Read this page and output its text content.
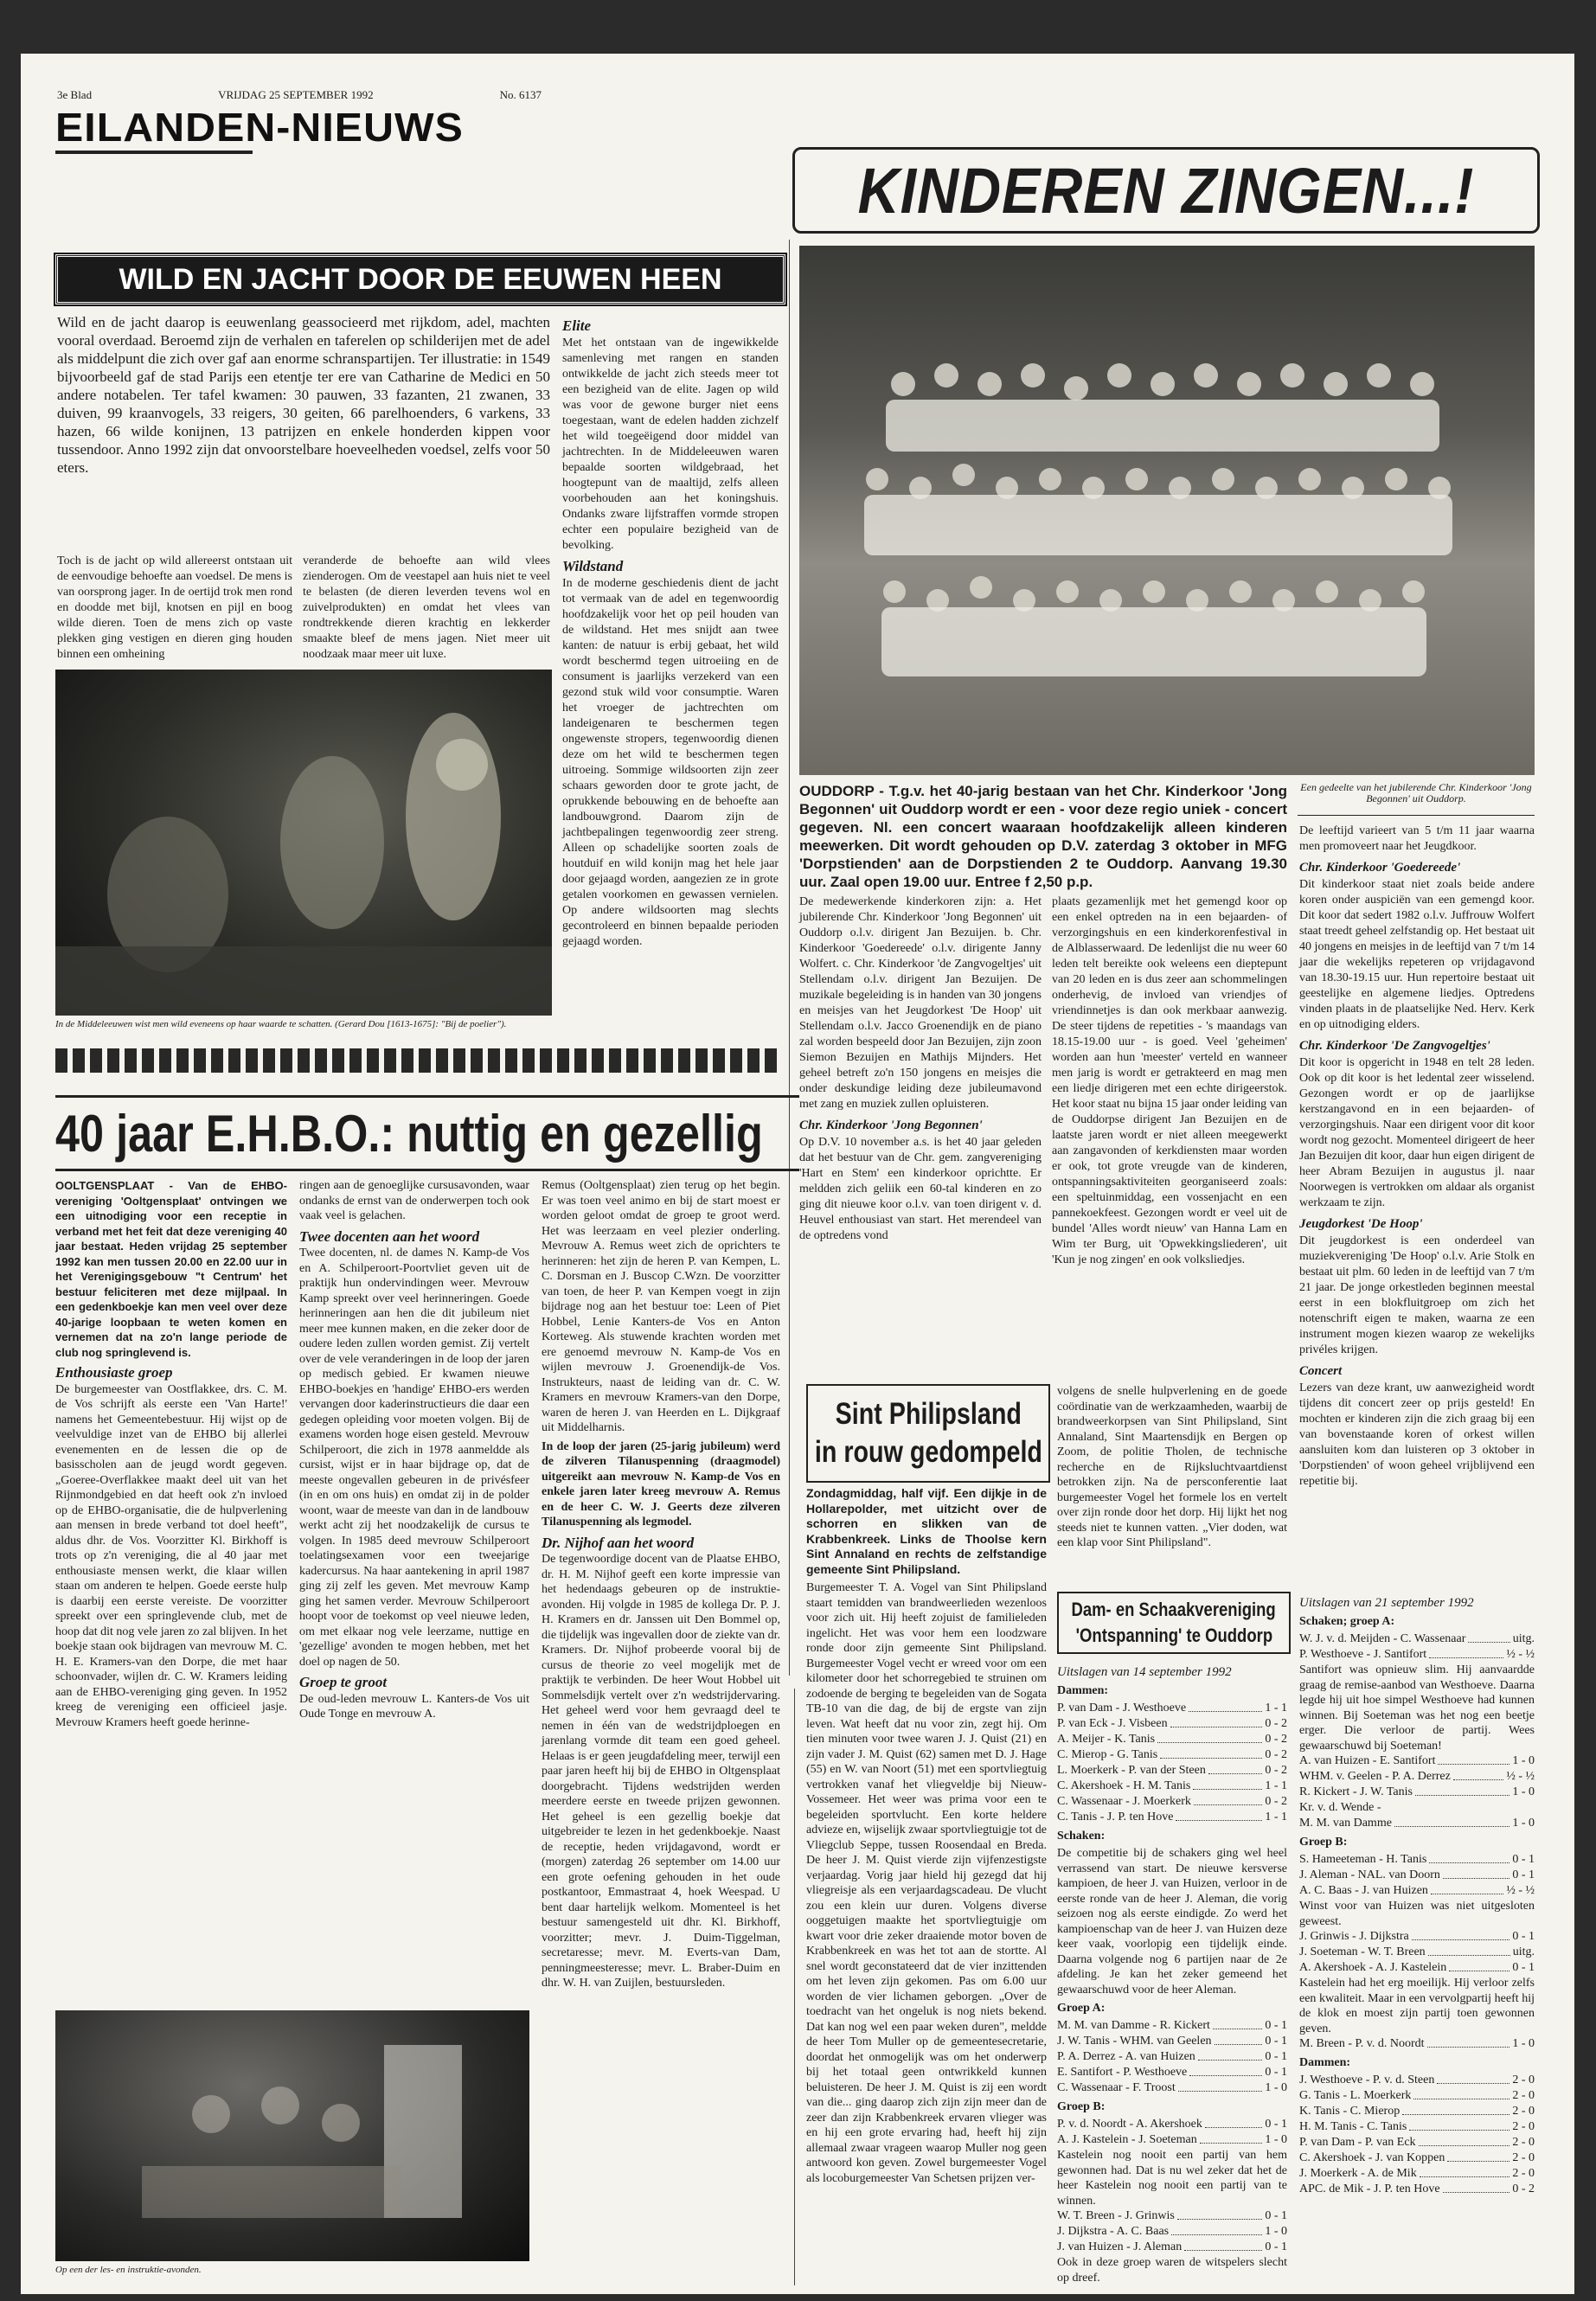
3e Blad	VRIJDAG 25 SEPTEMBER 1992	No. 6137
EILANDEN-NIEUWS
KINDEREN ZINGEN...!
WILD EN JACHT DOOR DE EEUWEN HEEN
Wild en de jacht daarop is eeuwenlang geassocieerd met rijkdom, adel, machten vooral overdaad. Beroemd zijn de verhalen en taferelen op schilderijen met de adel als middelpunt die zich over gaf aan enorme schranspartijen. Ter illustratie: in 1549 bijvoorbeeld gaf de stad Parijs een etentje ter ere van Catharine de Medici en 50 andere notabelen. Ter tafel kwamen: 30 pauwen, 33 fazanten, 21 zwanen, 33 duiven, 99 kraanvogels, 33 reigers, 30 geiten, 66 parelhoenders, 6 varkens, 33 hazen, 66 wilde konijnen, 13 patrijzen en enkele honderden kippen voor tussendoor. Anno 1992 zijn dat onvoorstelbare hoeveelheden voedsel, zelfs voor 50 eters.
Toch is de jacht op wild allereerst ontstaan uit de eenvoudige behoefte aan voedsel. De mens is van oorsprong jager. In de oertijd trok men rond en doodde met bijl, knotsen en pijl en boog wilde dieren. Toen de mens zich op vaste plekken ging vestigen en dieren ging houden binnen een omheining
veranderde de behoefte aan wild vlees zienderogen. Om de veestapel aan huis niet te veel te belasten (de dieren leverden tevens wol en zuivelprodukten) en omdat het vlees van rondtrekkende dieren krachtig en lekkerder smaakte bleef de mens jagen. Niet meer uit noodzaak maar meer uit luxe.
In de Middeleeuwen wist men wild eveneens op haar waarde te schatten. (Gerard Dou [1613-1675]: "Bij de poelier").
Elite

Met het ontstaan van de ingewikkelde samenleving met rangen en standen ontwikkelde de jacht zich steeds meer tot een bezigheid van de elite. Jagen op wild was voor de gewone burger niet eens toegestaan, want de edelen hadden zichzelf het wild toegeëigend door middel van jachtrechten. In de Middeleeuwen waren bepaalde soorten wildgebraad, het hoogtepunt van de maaltijd, zelfs alleen voorbehouden aan het koningshuis. Ondanks zware lijfstraffen vormde stropen echter een populaire bezigheid van de bevolking.

Wildstand

In de moderne geschiedenis dient de jacht tot vermaak van de adel en tegenwoordig hoofdzakelijk voor het op peil houden van de wildstand. Het mes snijdt aan twee kanten: de natuur is erbij gebaat, het wild wordt beschermd tegen uitroeiing en de consument is jaarlijks verzekerd van een gezond stuk wild voor consumptie. Waren het vroeger de jachtrechten om landeigenaren te beschermen tegen ongewenste stropers, tegenwoordig dienen deze om het wild te beschermen tegen uitroeing. Sommige wildsoorten zijn zeer schaars geworden door te grote jacht, de oprukkende bebouwing en de behoefte aan landbouwgrond. Daarom zijn de jachtbepalingen tegenwoordig zeer streng. Alleen op schadelijke soorten zoals de houtduif en wild konijn mag het hele jaar door gejaagd worden, aangezien ze in grote getalen voorkomen en gewassen vernielen. Op andere wildsoorten mag slechts gecontroleerd en binnen bepaalde perioden gejaagd worden.

OUDDORP - T.g.v. het 40-jarig bestaan van het Chr. Kinderkoor 'Jong Begonnen' uit Ouddorp wordt er een - voor deze regio uniek - concert gegeven. Nl. een concert waaraan hoofdzakelijk alleen kinderen meewerken. Dit wordt gehouden op D.V. zaterdag 3 oktober in MFG 'Dorpstienden' aan de Dorpstienden 2 te Ouddorp. Aanvang 19.30 uur. Zaal open 19.00 uur. Entree f 2,50 p.p.
Een gedeelte van het jubilerende Chr. Kinderkoor 'Jong Begonnen' uit Ouddorp.

De medewerkende kinderkoren zijn: a. Het jubilerende Chr. Kinderkoor 'Jong Begonnen' uit Ouddorp o.l.v. dirigent Jan Bezuijen. b. Chr. Kinderkoor 'Goedereede' o.l.v. dirigente Janny Wolfert. c. Chr. Kinderkoor 'de Zangvogeltjes' uit Stellendam o.l.v. dirigent Jan Bezuijen. De muzikale begeleiding is in handen van 30 jongens en meisjes van het Jeugdorkest 'De Hoop' uit Stellendam o.l.v. Jacco Groenendijk en de piano zal worden bespeeld door Jan Bezuijen, zijn zoon Siemon Bezuijen en Mathijs Mijnders. Het geheel betreft zo'n 150 jongens en meisjes die onder deskundige leiding deze jubileumavond met zang en muziek zullen opluisteren.

Chr. Kinderkoor 'Jong Begonnen'

Op D.V. 10 november a.s. is het 40 jaar geleden dat het bestuur van de Chr. gem. zangvereniging 'Hart en Stem' een kinderkoor oprichtte. Er meldden zich geliik een 60-tal kinderen en zo ging dit nieuwe koor o.l.v. van toen dirigent v. d. Heuvel enthousiast van start. Het merendeel van de optredens vond

plaats gezamenlijk met het gemengd koor op een enkel optreden na in een bejaarden- of verzorgingshuis en een kinderkorenfestival in de Alblasserwaard. De ledenlijst die nu weer 60 leden telt bereikte ook weleens een dieptepunt van 20 leden en is dus zeer aan schommelingen onderhevig, de invloed van vriendjes of vriendinnetjes is dan ook merkbaar aanwezig. De steer tijdens de repetities - 's maandags van 18.15-19.00 uur - is goed. Veel 'geheimen' worden aan hun 'meester' verteld en wanneer men jarig is wordt er getrakteerd en mag men een liedje dirigeren met een echte dirigeerstok. Het koor staat nu bijna 15 jaar onder leiding van de Ouddorpse dirigent Jan Bezuijen en de laatste jaren wordt er niet alleen meegewerkt aan zangavonden of kerkdiensten maar worden er ook, tot grote vreugde van de kinderen, ontspanningsaktiviteiten georganiseerd zoals: een speltuinmiddag, een vossenjacht en een pannekoekfeest. Gezongen wordt er veel uit de bundel 'Alles wordt nieuw' van Hanna Lam en Wim ter Burg, uit 'Opwekkingsliederen', uit 'Kun je nog zingen' en ook volksliedjes.

De leeftijd varieert van 5 t/m 11 jaar waarna men promoveert naar het Jeugdkoor.

Chr. Kinderkoor 'Goedereede'

Dit kinderkoor staat niet zoals beide andere koren onder auspiciën van een gemengd koor. Dit koor dat sedert 1982 o.l.v. Juffrouw Wolfert staat treedt geheel zelfstandig op. Het bestaat uit 40 jongens en meisjes in de leeftijd van 7 t/m 14 jaar die wekelijks repeteren op vrijdagavond van 18.30-19.15 uur. Hun repertoire bestaat uit geestelijke en algemene liedjes. Optredens vinden plaats in de plaatselijke Ned. Herv. Kerk en op uitnodiging elders.

Chr. Kinderkoor 'De Zangvogeltjes'

Dit koor is opgericht in 1948 en telt 28 leden. Ook op dit koor is het ledental zeer wisselend. Gezongen wordt er op de jaarlijkse kerstzangavond en in een bejaarden- of verzorgingshuis. Naar een dirigent voor dit koor wordt nog gezocht. Momenteel dirigeert de heer Jan Bezuijen dit koor, daar hun eigen dirigent de heer Abram Bezuijen in augustus jl. naar Noorwegen is vertrokken om aldaar als organist werkzaam te zijn.

Jeugdorkest 'De Hoop'

Dit jeugdorkest is een onderdeel van muziekvereniging 'De Hoop' o.l.v. Arie Stolk en bestaat uit plm. 60 leden in de leeftijd van 7 t/m 21 jaar. De jonge orkestleden beginnen meestal eerst in een blokfluitgroep om zich het notenschrift eigen te maken, waarna ze een instrument mogen kiezen waarop ze wekelijks privéles krijgen.

Concert

Lezers van deze krant, uw aanwezigheid wordt tijdens dit concert zeer op prijs gesteld! En mochten er kinderen zijn die zich graag bij een van bovenstaande koren of orkest willen aansluiten kom dan luisteren op 3 oktober in 'Dorpstienden' of woon geheel vrijblijvend een repetitie bij.

40 jaar E.H.B.O.: nuttig en gezellig

OOLTGENSPLAAT - Van de EHBO-vereniging 'Ooltgensplaat' ontvingen we een uitnodiging voor een receptie in verband met het feit dat deze vereniging 40 jaar bestaat. Heden vrijdag 25 september 1992 kan men tussen 20.00 en 22.00 uur in het Verenigingsgebouw "t Centrum' het bestuur feliciteren met deze mijlpaal. In een gedenkboekje kan men veel over deze 40-jarige loopbaan te weten komen en vernemen dat na zo'n lange periode de club nog springlevend is.

Enthousiaste groep

De burgemeester van Oostflakkee, drs. C. M. de Vos schrijft als eerste een 'Van Harte!' namens het Gemeentebestuur. Hij wijst op de veelvuldige inzet van de EHBO bij allerlei evenementen en de lessen die op de basisscholen aan de jeugd wordt gegeven. „Goeree-Overflakkee maakt deel uit van het Rijnmondgebied en dat heeft ook z'n invloed op de EHBO-organisatie, die de hulpverlening aan mensen in brede verband tot doel heeft", aldus dhr. de Vos. Voorzitter Kl. Birkhoff is trots op z'n vereniging, die al 40 jaar met enthousiaste mensen werkt, die klaar willen staan om anderen te helpen. Goede eerste hulp is daarbij een eerste vereiste. De voorzitter spreekt over een springlevende club, met de hoop dat dit nog vele jaren zo zal blijven. In het boekje staan ook bijdragen van mevrouw M. C. H. E. Kramers-van den Dorpe, die met haar schoonvader, wijlen dr. C. W. Kramers leiding aan de EHBO-vereniging ging geven. In 1952 kreeg de vereniging een officieel jasje. Mevrouw Kramers heeft goede herinne-

ringen aan de genoeglijke cursusavonden, waar ondanks de ernst van de onderwerpen toch ook vaak veel is gelachen.

Twee docenten aan het woord

Twee docenten, nl. de dames N. Kamp-de Vos en A. Schilperoort-Poortvliet geven uit de praktijk hun ondervindingen weer. Mevrouw Kamp spreekt over veel herinneringen. Goede herinneringen aan hen die dit jubileum niet meer mee kunnen maken, en die zeker door de oudere leden zullen worden gemist. Zij vertelt over de vele veranderingen in de loop der jaren op medisch gebied. Er kwamen nieuwe EHBO-boekjes en 'handige' EHBO-ers werden vervangen door kaderinstructieurs die daar een gedegen opleiding voor moeten volgen. Bij de examens worden hoge eisen gesteld. Mevrouw Schilperoort, die zich in 1978 aanmeldde als cursist, wijst er in haar bijdrage op, dat de meeste ongevallen gebeuren in de privésfeer (in en om ons huis) en omdat zij in de polder woont, waar de meeste van dan in de landbouw werkt acht zij het noodzakelijk de cursus te volgen. In 1985 deed mevrouw Schilperoort toelatingsexamen voor een tweejarige kadercursus. Na haar aantekening in april 1987 ging zij zelf les geven. Met mevrouw Kamp ging het samen verder. Mevrouw Schilperoort hoopt voor de toekomst op veel nieuwe leden, om met elkaar nog vele leerzame, nuttige en 'gezellige' avonden te mogen hebben, met het doel op nagen de 50.

Groep te groot

De oud-leden mevrouw L. Kanters-de Vos uit Oude Tonge en mevrouw A.

Remus (Ooltgensplaat) zien terug op het begin. Er was toen veel animo en bij de start moest er worden geloot omdat de groep te groot werd. Het was leerzaam en veel plezier onderling. Mevrouw A. Remus weet zich de oprichters te herinneren: het zijn de heren P. van Kempen, L. C. Dorsman en J. Buscop C.Wzn. De voorzitter van toen, de heer P. van Kempen voegt in zijn bijdrage nog aan het bestuur toe: Leen of Piet Hobbel, Lenie Kanters-de Vos en Anton Korteweg. Als stuwende krachten worden met ere genoemd mevrouw N. Kamp-de Vos en wijlen mevrouw J. Groenendijk-de Vos. Instrukteurs, naast de leiding van dr. C. W. Kramers en mevrouw Kramers-van den Dorpe, waren de heren J. van Heerden en L. Dijkgraaf uit Middelharnis.

In de loop der jaren (25-jarig jubileum) werd de zilveren Tilanuspenning (draagmodel) uitgereikt aan mevrouw N. Kamp-de Vos en enkele jaren later kreeg mevrouw A. Remus en de heer C. W. J. Geerts deze zilveren Tilanuspenning als legmodel.

Dr. Nijhof aan het woord

De tegenwoordige docent van de Plaatse EHBO, dr. H. M. Nijhof geeft een korte impressie van het hedendaags gebeuren op de instruktie-avonden. Hij volgde in 1985 de kollega Dr. P. J. H. Kramers en dr. Janssen uit Den Bommel op, die tijdelijk was ingevallen door de ziekte van dr. Kramers. Dr. Nijhof probeerde vooral bij de cursus de theorie zo veel mogelijk met de praktijk te verbinden. De heer Wout Hobbel uit Sommelsdijk vertelt over z'n wedstrijdervaring. Het geheel werd voor hem gevraagd deel te nemen in één van de wedstrijdploegen en jarenlang vormde dit team een goed geheel. Helaas is er geen jeugdafdeling meer, terwijl een paar jaren heeft hij bij de EHBO in Oltgensplaat doorgebracht. Tijdens wedstrijden werden meerdere eerste en tweede prijzen gewonnen. Het geheel is een gezellig boekje dat uitgebreider te lezen in het gedenkboekje. Naast de receptie, heden vrijdagavond, wordt er (morgen) zaterdag 26 september om 14.00 uur een grote oefening gehouden in het oude postkantoor, Emmastraat 4, hoek Weespad. U bent daar hartelijk welkom. Momenteel is het bestuur samengesteld uit dhr. Kl. Birkhoff, voorzitter; mevr. J. Duim-Tiggelman, secretaresse; mevr. M. Everts-van Dam, penningmeesteresse; mevr. L. Braber-Duim en dhr. W. H. van Zuijlen, bestuursleden.

Op een der les- en instruktie-avonden.
Sint Philipsland
in rouw gedompeld

Zondagmiddag, half vijf. Een dijkje in de Hollarepolder, met uitzicht over de schorren en slikken van de Krabbenkreek. Links de Thoolse kern Sint Annaland en rechts de zelfstandige gemeente Sint Philipsland.

Burgemeester T. A. Vogel van Sint Philipsland staart temidden van brandweerlieden wezenloos voor zich uit. Hij heeft zojuist de familieleden ingelicht. Het was voor hem een loodzware ronde door zijn gemeente Sint Philipsland. Burgemeester Vogel vecht er wreed voor om een kilometer door het schorregebied te struinen om zodoende de berging te begeleiden van de Sogata TB-10 van die dag, de bij de ergste van zijn leven. Wat heeft dat nu voor zin, zegt hij. Om tien minuten voor twee waren J. J. Quist (21) en zijn vader J. M. Quist (62) samen met D. J. Hage (55) en W. van Noort (51) met een sportvliegtuig vertrokken vanaf het vliegveldje bij Nieuw-Vossemeer. Het weer was prima voor een te begeleiden sportvlucht. Een korte heldere advieze en, wijselijk zwaar sportvliegtuigje tot de Vliegclub Seppe, tussen Roosendaal en Breda. De heer J. M. Quist vierde zijn vijfenzestigste verjaardag. Vorig jaar hield hij gezegd dat hij vliegreisje als een verjaardagscadeau. De vlucht zou een klein uur duren. Volgens diverse ooggetuigen maakte het sportvliegtuigje om kwart voor drie zeker draaiende motor boven de Krabbenkreek en was het tot aan de stortte. Al snel wordt geconstateerd dat de vier inzittenden om het leven zijn gekomen. Pas om 6.00 uur worden de vier lichamen geborgen. „Over de toedracht van het ongeluk is nog niets bekend. Dat kan nog wel een paar weken duren", meldde de heer Tom Muller op de gemeentesecretarie, doordat het onmogelijk was om het onderwerp bij het totaal geen ontwrikkeld kunnen beluisteren. De heer J. M. Quist is zij een wordt van die... ging daarop zich zijn zijn meer dan de zeer dan zijn Krabbenkreek ervaren vlieger was en hij een grote ervaring had, heeft hij zijn allemaal zwaar vrageen waarop Muller nog geen antwoord kon geven. Zowel burgemeester Vogel als locoburgemeester Van Schetsen prijzen ver-

volgens de snelle hulpverlening en de goede coördinatie van de werkzaamheden, waarbij de brandweerkorpsen van Sint Philipsland, Sint Annaland, Sint Maartensdijk en Bergen op Zoom, de politie Tholen, de technische recherche en de Rijksluchtvaartdienst betrokken zijn. Na de persconferentie laat burgemeester Vogel het formele los en vertelt over zijn ronde door het dorp. Hij lijkt het nog steeds niet te kunnen vatten. „Vier doden, wat een klap voor Sint Philipsland".
Dam- en Schaakvereniging
'Ontspanning' te Ouddorp
Uitslagen van 14 september 1992
Dammen:
P. van Dam - J. Westhoeve	1 - 1
P. van Eck - J. Visbeen	0 - 2
A. Meijer - K. Tanis	0 - 2
C. Mierop - G. Tanis	0 - 2
L. Moerkerk - P. van der Steen	0 - 2
C. Akershoek - H. M. Tanis	1 - 1
C. Wassenaar - J. Moerkerk	0 - 2
C. Tanis - J. P. ten Hove	1 - 1
Schaken:

De competitie bij de schakers ging wel heel verrassend van start. De nieuwe kersverse kampioen, de heer J. van Huizen, verloor in de eerste ronde van de heer J. Aleman, die vorig seizoen nog als eerste eindigde. Zo werd het kampioenschap van de heer J. van Huizen deze keer vaak, voorlopig een tijdelijk einde. Daarna volgende nog 6 partijen naar de 2e afdeling. Je kan het zeker gemeend het gewaarschuwd voor de heer Aleman.

Groep A:
M. M. van Damme - R. Kickert	0 - 1
J. W. Tanis - WHM. van Geelen	0 - 1
P. A. Derrez - A. van Huizen	0 - 1
E. Santifort - P. Westhoeve	0 - 1
C. Wassenaar - F. Troost	1 - 0
Groep B:
P. v. d. Noordt - A. Akershoek	0 - 1
A. J. Kastelein - J. Soeteman	1 - 0

Kastelein nog nooit een partij van hem gewonnen had. Dat is nu wel zeker dat het de heer Kastelein nog nooit een partij van te winnen.

W. T. Breen - J. Grinwis	0 - 1
J. Dijkstra - A. C. Baas	1 - 0
J. van Huizen - J. Aleman	0 - 1

Ook in deze groep waren de witspelers slecht op dreef.

Uitslagen van 21 september 1992
Schaken; groep A:
W. J. v. d. Meijden - C. Wassenaar	uitg.
P. Westhoeve - J. Santifort	½ - ½

Santifort was opnieuw slim. Hij aanvaardde graag de remise-aanbod van Westhoeve. Daarna legde hij uit hoe simpel Westhoeve had kunnen winnen. Bij Soeteman was het nog een beetje erger. Die verloor de partij. Wees gewaarschuwd bij Soeteman!

A. van Huizen - E. Santifort	1 - 0
WHM. v. Geelen - P. A. Derrez	½ - ½
R. Kickert - J. W. Tanis	1 - 0
Kr. v. d. Wende -
M. M. van Damme	1 - 0
Groep B:
S. Hameeteman - H. Tanis	0 - 1
J. Aleman - NAL. van Doorn	0 - 1
A. C. Baas - J. van Huizen	½ - ½

Winst voor van Huizen was niet uitgesloten geweest.

J. Grinwis - J. Dijkstra	0 - 1
J. Soeteman - W. T. Breen	uitg.
A. Akershoek - A. J. Kastelein	0 - 1

Kastelein had het erg moeilijk. Hij verloor zelfs een kwaliteit. Maar in een vervolgpartij heeft hij de klok en moest zijn partij toen gewonnen geven.

M. Breen - P. v. d. Noordt	1 - 0
Dammen:
J. Westhoeve - P. v. d. Steen	2 - 0
G. Tanis - L. Moerkerk	2 - 0
K. Tanis - C. Mierop	2 - 0
H. M. Tanis - C. Tanis	2 - 0
P. van Dam - P. van Eck	2 - 0
C. Akershoek - J. van Koppen	2 - 0
J. Moerkerk - A. de Mik	2 - 0
APC. de Mik - J. P. ten Hove	0 - 2
